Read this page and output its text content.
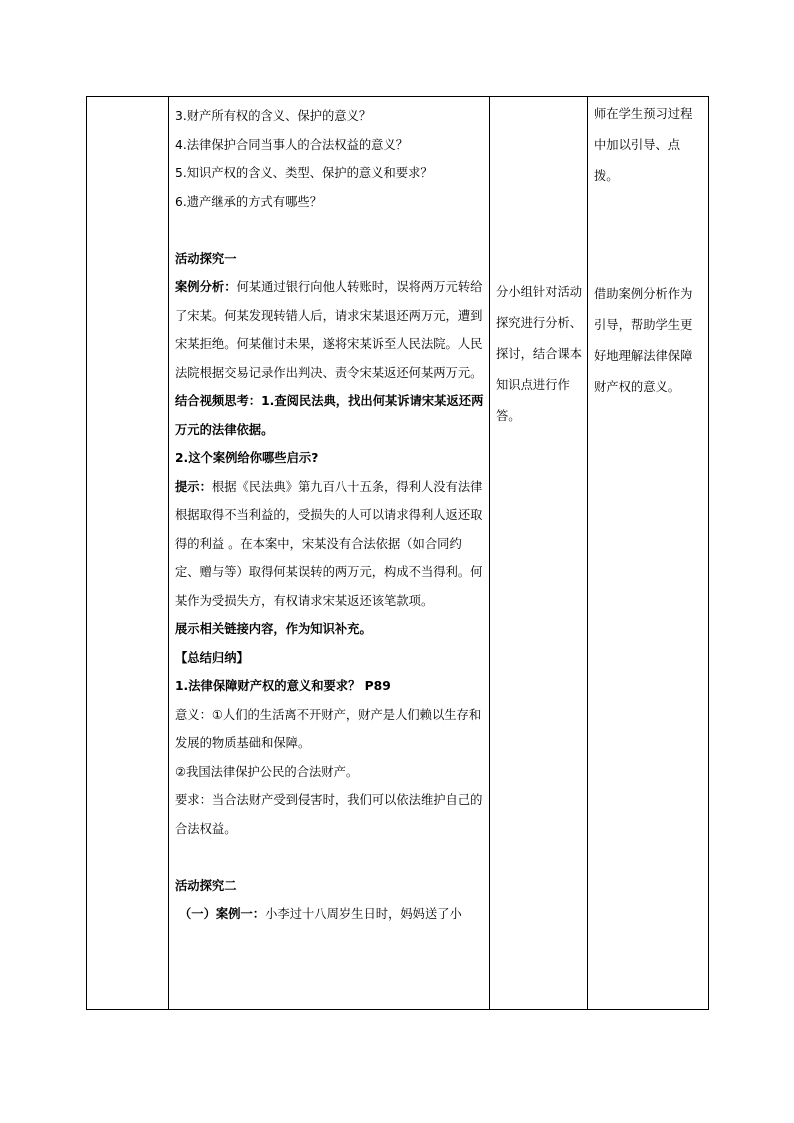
3.财产所有权的含义、保护的意义？
4.法律保护合同当事人的合法权益的意义？
5.知识产权的含义、类型、保护的意义和要求？
6.遗产继承的方式有哪些？
活动探究一
案例分析：何某通过银行向他人转账时，误将两万元转给了宋某。何某发现转错人后，请求宋某退还两万元，遭到宋某拒绝。何某催讨未果，遂将宋某诉至人民法院。人民法院根据交易记录作出判决、责令宋某返还何某两万元。
结合视频思考：1.查阅民法典，找出何某诉请宋某返还两万元的法律依据。
2.这个案例给你哪些启示?
提示：根据《民法典》第九百八十五条，得利人没有法律根据取得不当利益的，受损失的人可以请求得利人返还取得的利益 。在本案中，宋某没有合法依据（如合同约定、赠与等）取得何某误转的两万元，构成不当得利。何某作为受损失方，有权请求宋某返还该笔款项。
展示相关链接内容，作为知识补充。
【总结归纳】
1.法律保障财产权的意义和要求？ P89
意义：①人们的生活离不开财产，财产是人们赖以生存和发展的物质基础和保障。
②我国法律保护公民的合法财产。
要求：当合法财产受到侵害时，我们可以依法维护自己的合法权益。
活动探究二
（一）案例一：小李过十八周岁生日时，妈妈送了小

分小组针对活动探究进行分析、探讨，结合课本知识点进行作答。

师在学生预习过程中加以引导、点拨。
借助案例分析作为引导，帮助学生更好地理解法律保障财产权的意义。
